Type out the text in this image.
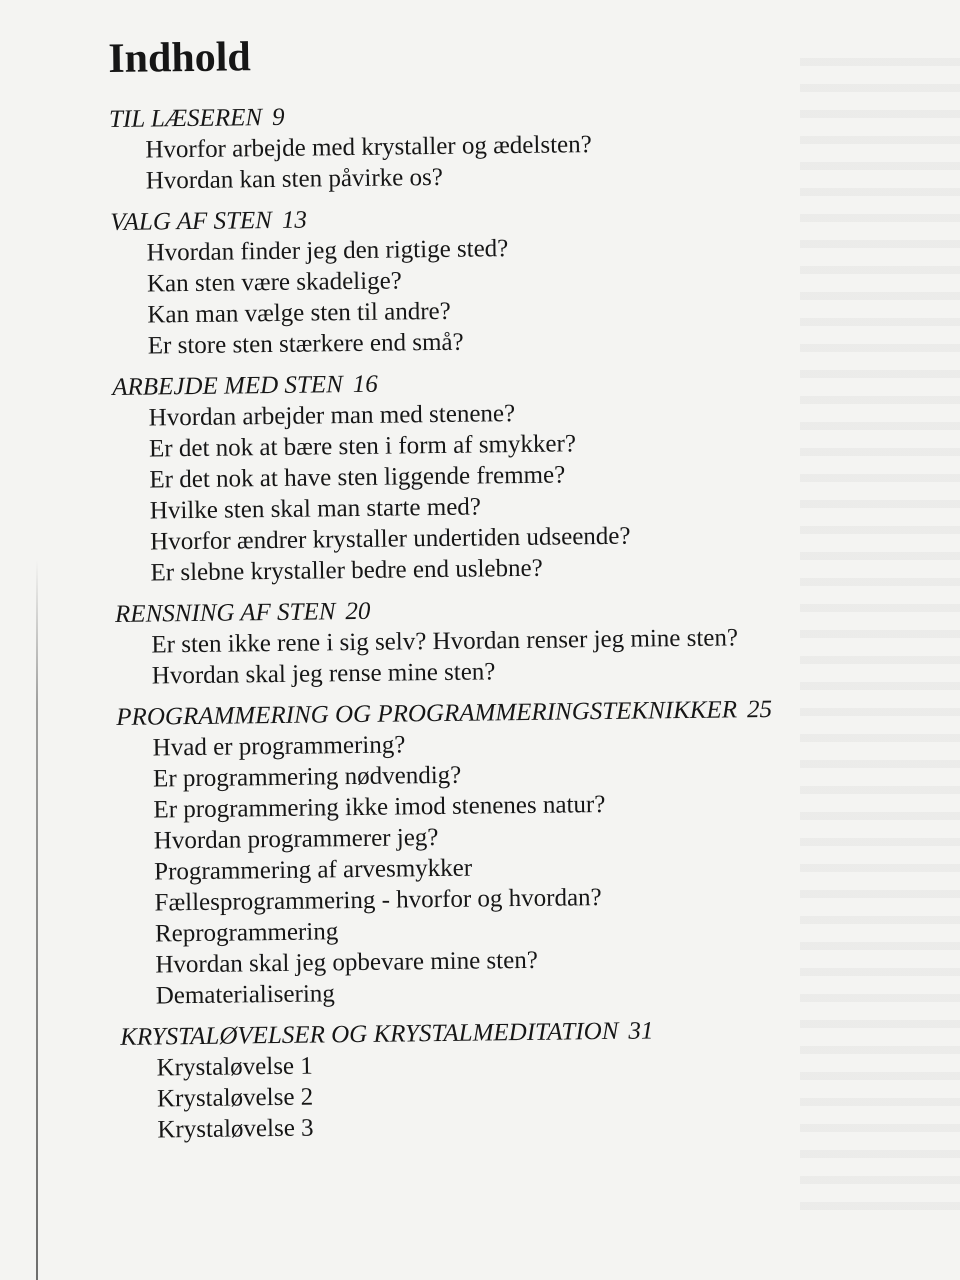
Indhold

TIL LÆSEREN 9

Hvorfor arbejde med krystaller og ædelsten?
Hvordan kan sten påvirke os?

VALG AF STEN 13

Hvordan finder jeg den rigtige sted?
Kan sten være skadelige?
Kan man vælge sten til andre?
Er store sten stærkere end små?

ARBEJDE MED STEN 16

Hvordan arbejder man med stenene?
Er det nok at bære sten i form af smykker?
Er det nok at have sten liggende fremme?
Hvilke sten skal man starte med?
Hvorfor ændrer krystaller undertiden udseende?
Er slebne krystaller bedre end uslebne?

RENSNING AF STEN 20

Er sten ikke rene i sig selv? Hvordan renser jeg mine sten?
Hvordan skal jeg rense mine sten?

PROGRAMMERING OG PROGRAMMERINGSTEKNIKKER 25

Hvad er programmering?
Er programmering nødvendig?
Er programmering ikke imod stenenes natur?
Hvordan programmerer jeg?
Programmering af arvesmykker
Fællesprogrammering - hvorfor og hvordan?
Reprogrammering
Hvordan skal jeg opbevare mine sten?
Dematerialisering

KRYSTALØVELSER OG KRYSTALMEDITATION 31

Krystaløvelse 1
Krystaløvelse 2
Krystaløvelse 3
